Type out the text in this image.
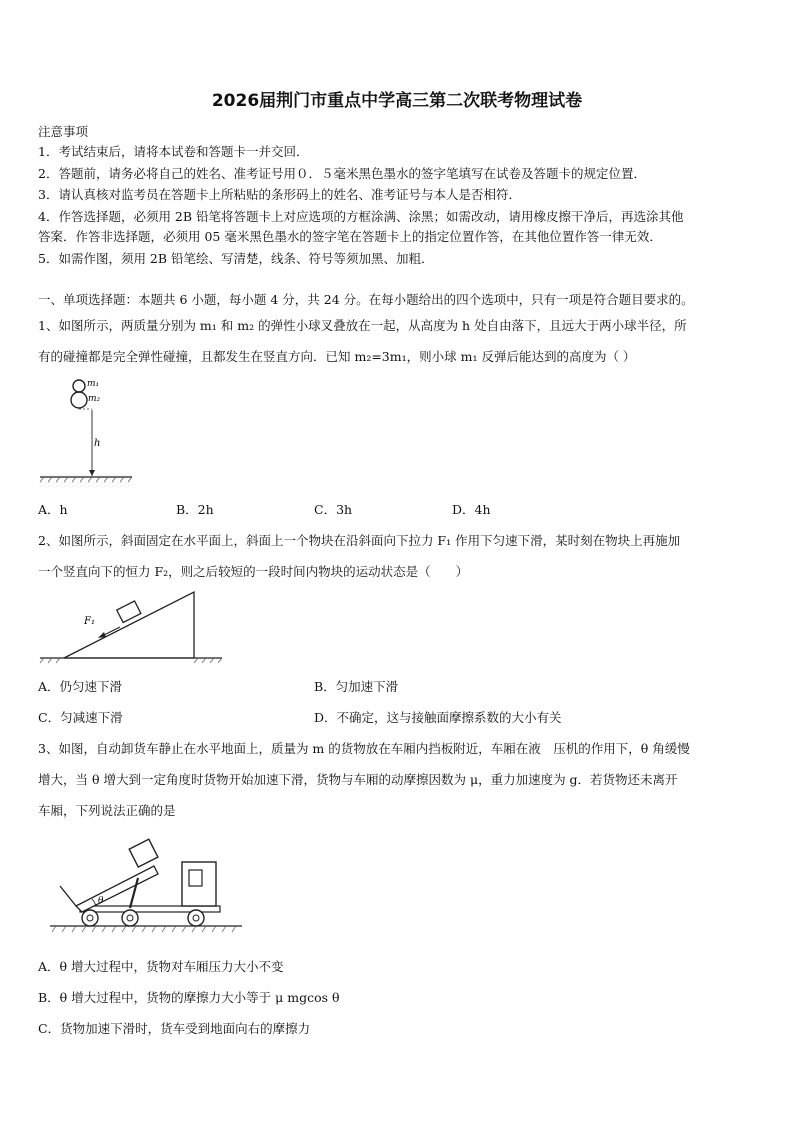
2026届荆门市重点中学高三第二次联考物理试卷
注意事项
1．考试结束后，请将本试卷和答题卡一并交回．
2．答题前，请务必将自己的姓名、准考证号用０．５毫米黑色墨水的签字笔填写在试卷及答题卡的规定位置．
3．请认真核对监考员在答题卡上所粘贴的条形码上的姓名、准考证号与本人是否相符．
4．作答选择题，必须用 2B 铅笔将答题卡上对应选项的方框涂满、涂黑；如需改动，请用橡皮擦干净后，再选涂其他
答案．作答非选择题，必须用 05 毫米黑色墨水的签字笔在答题卡上的指定位置作答，在其他位置作答一律无效．
5．如需作图，须用 2B 铅笔绘、写清楚，线条、符号等须加黑、加粗．
一、单项选择题：本题共 6 小题，每小题 4 分，共 24 分。在每小题给出的四个选项中，只有一项是符合题目要求的。
1、如图所示，两质量分别为 m₁ 和 m₂ 的弹性小球叉叠放在一起，从高度为 h 处自由落下，且远大于两小球半径，所
有的碰撞都是完全弹性碰撞，且都发生在竖直方向．已知 m₂=3m₁，则小球 m₁ 反弹后能达到的高度为（ ）
m₁
m₂
h
A．h	B．2h	C．3h	D．4h
2、如图所示，斜面固定在水平面上，斜面上一个物块在沿斜面向下拉力 F₁ 作用下匀速下滑，某时刻在物块上再施加
一个竖直向下的恒力 F₂，则之后较短的一段时间内物块的运动状态是（　　）
F₁
A．仍匀速下滑	B．匀加速下滑
C．匀减速下滑	D．不确定，这与接触面摩擦系数的大小有关
3、如图，自动卸货车静止在水平地面上，质量为 m 的货物放在车厢内挡板附近，车厢在液　压机的作用下，θ 角缓慢
增大，当 θ 增大到一定角度时货物开始加速下滑，货物与车厢的动摩擦因数为 μ，重力加速度为 g．若货物还未离开
车厢，下列说法正确的是
θ
A．θ 增大过程中，货物对车厢压力大小不变
B．θ 增大过程中，货物的摩擦力大小等于 μ mgcos θ
C．货物加速下滑时，货车受到地面向右的摩擦力
